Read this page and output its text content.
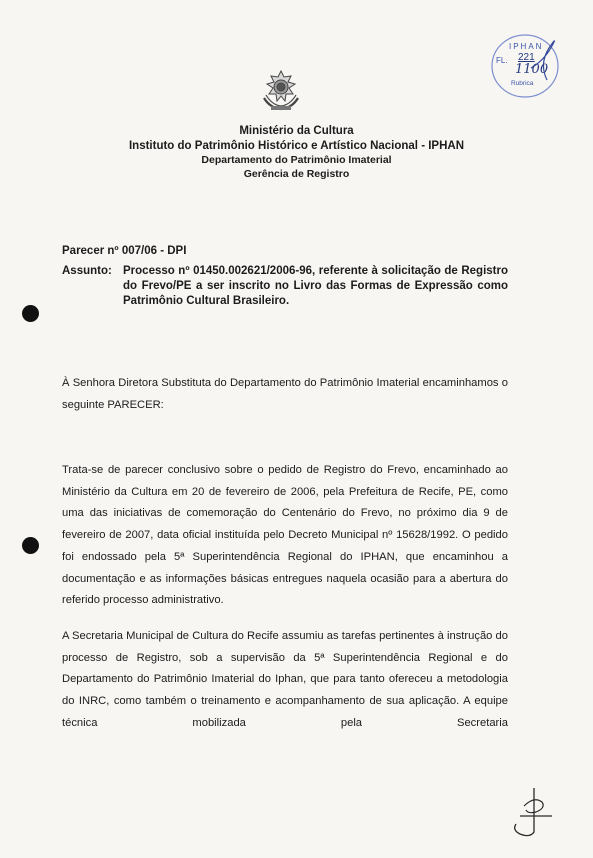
IPHAN
FL. 221
1100
Rubrica
Ministério da Cultura
Instituto do Patrimônio Histórico e Artístico Nacional - IPHAN
Departamento do Patrimônio Imaterial
Gerência de Registro
Parecer nº 007/06 - DPI
Assunto: Processo nº 01450.002621/2006-96, referente à solicitação de Registro do Frevo/PE a ser inscrito no Livro das Formas de Expressão como Patrimônio Cultural Brasileiro.
À Senhora Diretora Substituta do Departamento do Patrimônio Imaterial encaminhamos o seguinte PARECER:
Trata-se de parecer conclusivo sobre o pedido de Registro do Frevo, encaminhado ao Ministério da Cultura em 20 de fevereiro de 2006, pela Prefeitura de Recife, PE, como uma das iniciativas de comemoração do Centenário do Frevo, no próximo dia 9 de fevereiro de 2007, data oficial instituída pelo Decreto Municipal nº 15628/1992. O pedido foi endossado pela 5ª Superintendência Regional do IPHAN, que encaminhou a documentação e as informações básicas entregues naquela ocasião para a abertura do referido processo administrativo.
A Secretaria Municipal de Cultura do Recife assumiu as tarefas pertinentes à instrução do processo de Registro, sob a supervisão da 5ª Superintendência Regional e do Departamento do Patrimônio Imaterial do Iphan, que para tanto ofereceu a metodologia do INRC, como também o treinamento e acompanhamento de sua aplicação. A equipe técnica mobilizada pela Secretaria
